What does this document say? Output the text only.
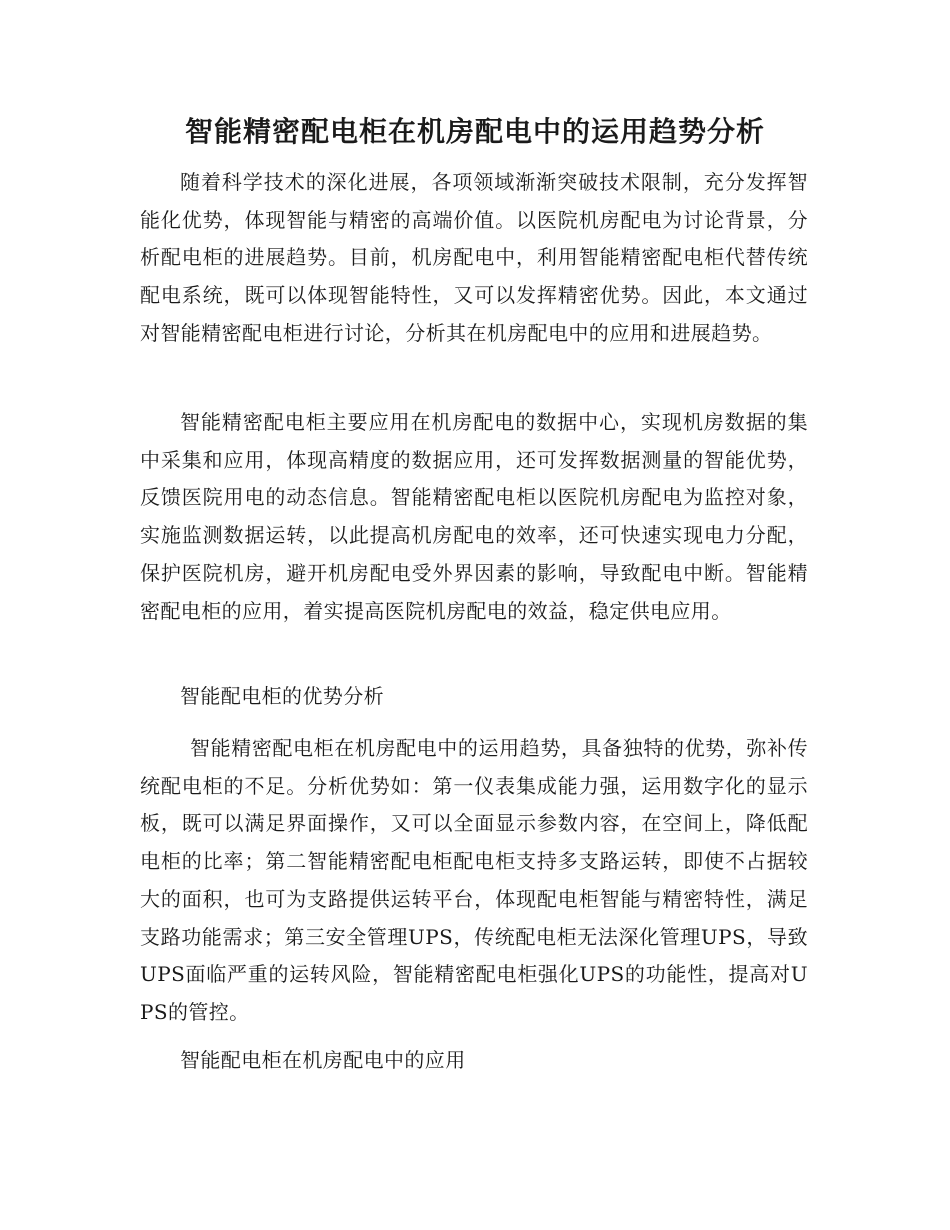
智能精密配电柜在机房配电中的运用趋势分析
随着科学技术的深化进展，各项领域渐渐突破技术限制，充分发挥智能化优势，体现智能与精密的高端价值。以医院机房配电为讨论背景，分析配电柜的进展趋势。目前，机房配电中，利用智能精密配电柜代替传统配电系统，既可以体现智能特性，又可以发挥精密优势。因此，本文通过对智能精密配电柜进行讨论，分析其在机房配电中的应用和进展趋势。
智能精密配电柜主要应用在机房配电的数据中心，实现机房数据的集中采集和应用，体现高精度的数据应用，还可发挥数据测量的智能优势，反馈医院用电的动态信息。智能精密配电柜以医院机房配电为监控对象，实施监测数据运转，以此提高机房配电的效率，还可快速实现电力分配，保护医院机房，避开机房配电受外界因素的影响，导致配电中断。智能精密配电柜的应用，着实提高医院机房配电的效益，稳定供电应用。
智能配电柜的优势分析
智能精密配电柜在机房配电中的运用趋势，具备独特的优势，弥补传统配电柜的不足。分析优势如：第一仪表集成能力强，运用数字化的显示板，既可以满足界面操作，又可以全面显示参数内容，在空间上，降低配电柜的比率；第二智能精密配电柜配电柜支持多支路运转，即使不占据较大的面积，也可为支路提供运转平台，体现配电柜智能与精密特性，满足支路功能需求；第三安全管理UPS，传统配电柜无法深化管理UPS，导致UPS面临严重的运转风险，智能精密配电柜强化UPS的功能性，提高对UPS的管控。
智能配电柜在机房配电中的应用
